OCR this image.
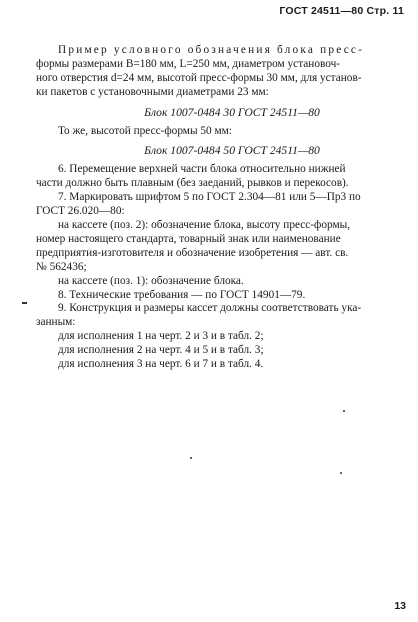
ГОСТ 24511—80 Стр. 11
Пример условного обозначения блока пресс-
формы размерами В=180 мм, L=250 мм, диаметром установоч-
ного отверстия d=24 мм, высотой пресс-формы 30 мм, для установ-
ки пакетов с установочными диаметрами 23 мм:
Блок 1007-0484 30 ГОСТ 24511—80
То же, высотой пресс-формы 50 мм:
Блок 1007-0484 50 ГОСТ 24511—80
6. Перемещение верхней части блока относительно нижней
части должно быть плавным (без заеданий, рывков и перекосов).
7. Маркировать шрифтом 5 по ГОСТ 2.304—81 или 5—Пр3 по
ГОСТ 26.020—80:
на кассете (поз. 2): обозначение блока, высоту пресс-формы,
номер настоящего стандарта, товарный знак или наименование
предприятия-изготовителя и обозначение изобретения — авт. св.
№ 562436;
на кассете (поз. 1): обозначение блока.
8. Технические требования — по ГОСТ 14901—79.
9. Конструкция и размеры кассет должны соответствовать ука-
занным:
для исполнения 1 на черт. 2 и 3 и в табл. 2;
для исполнения 2 на черт. 4 и 5 и в табл. 3;
для исполнения 3 на черт. 6 и 7 и в табл. 4.
13
